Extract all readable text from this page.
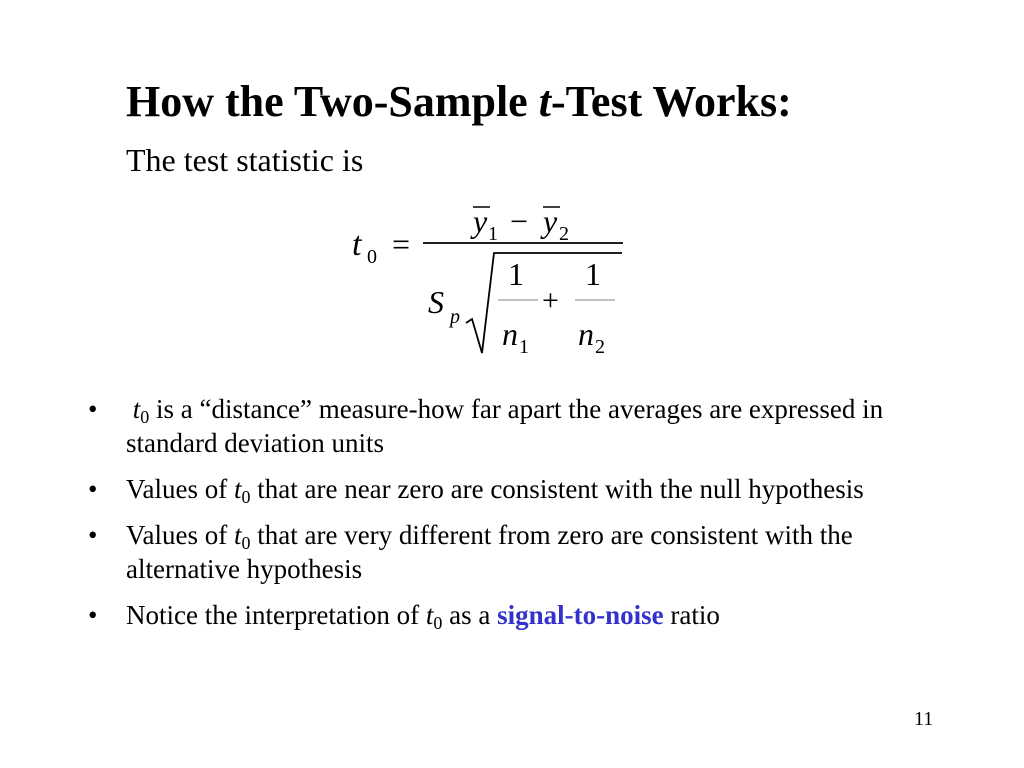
How the Two-Sample t-Test Works:
The test statistic is
t 0 =
y 1 − y 2
S p
1
n 1
+
1
n 2
• $t_0$ is a “distance” measure-how far apart the averages are expressed in standard deviation units
• Values of $t_0$ that are near zero are consistent with the null hypothesis
• Values of $t_0$ that are very different from zero are consistent with the alternative hypothesis
• Notice the interpretation of $t_0$ as a signal-to-noise ratio
11
